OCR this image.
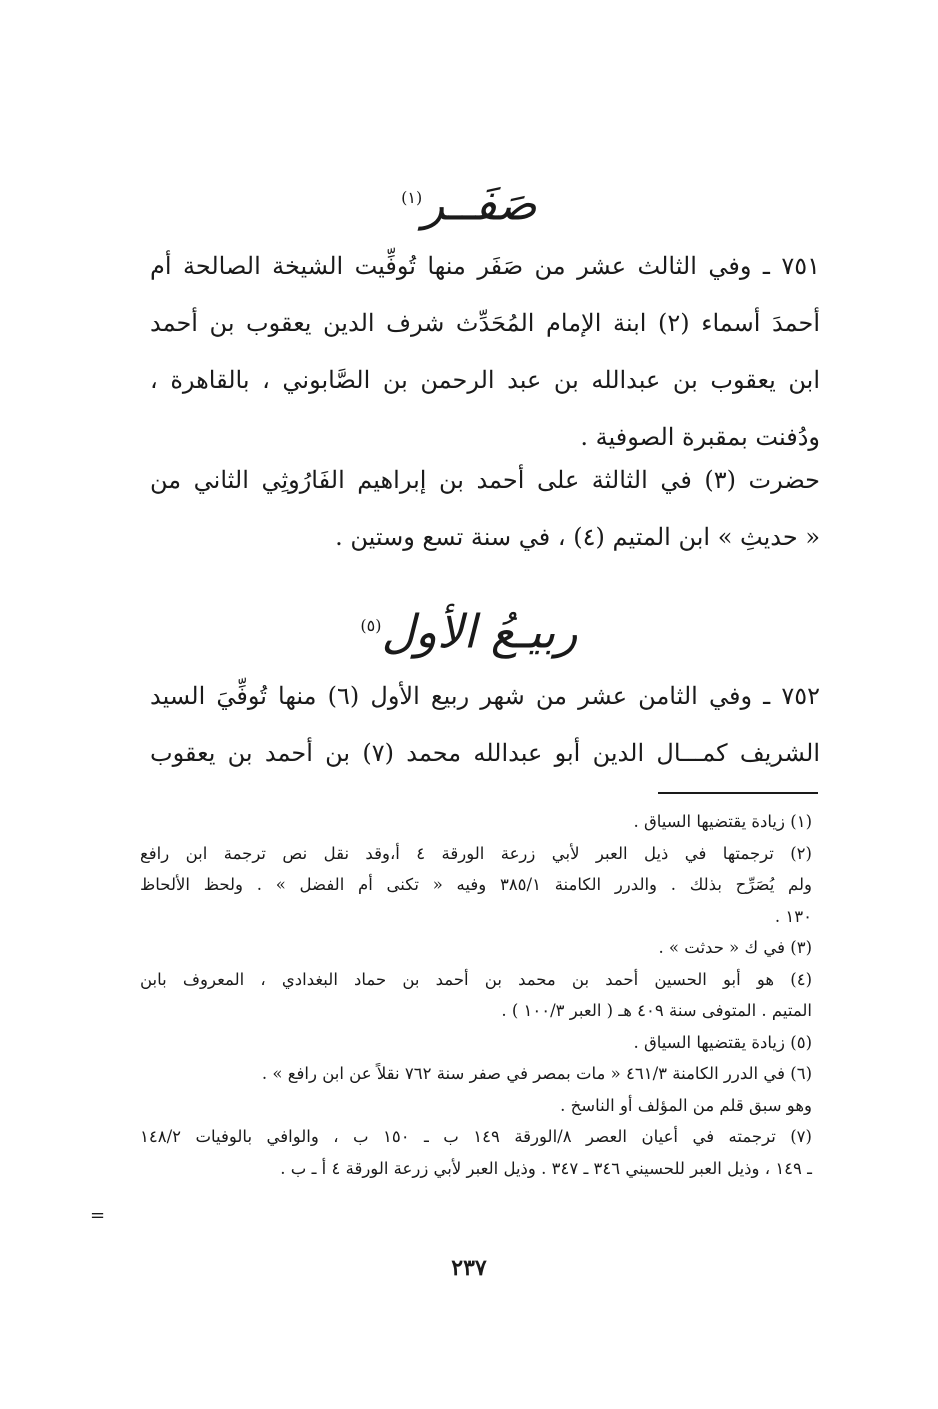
صَفَــر$^{(١)}$
٧٥١ ـ وفي الثالث عشر من صَفَر منها تُوفِّيت الشيخة الصالحة أم
أحمدَ أسماء (٢) ابنة الإمام المُحَدِّث شرف الدين يعقوب بن أحمد
ابن يعقوب بن عبدالله بن عبد الرحمن بن الصَّابوني ، بالقاهرة ،
ودُفنت بمقبرة الصوفية .
حضرت (٣) في الثالثة على أحمد بن إبراهيم الفَارُوثِي الثاني من
« حديثِ » ابن المتيم (٤) ، في سنة تسع وستين .
ربيـعُ الأول$^{(٥)}$
٧٥٢ ـ وفي الثامن عشر من شهر ربيع الأول (٦) منها تُوفِّيَ السيد
الشريف كمـــال الدين أبو عبدالله محمد (٧) بن أحمد بن يعقوب
(١) زيادة يقتضيها السياق .
(٢) ترجمتها في ذيل العبر لأبي زرعة الورقة ٤ أ،وقد نقل نص ترجمة ابن رافع
ولم يُصَرِّح بذلك . والدرر الكامنة ٣٨٥/١ وفيه « تكنى أم الفضل » . ولحظ الألحاظ
١٣٠ .
(٣) في ك « حدثت » .
(٤) هو أبو الحسين أحمد بن محمد بن أحمد بن حماد البغدادي ، المعروف بابن
المتيم . المتوفى سنة ٤٠٩ هـ ( العبر ١٠٠/٣ ) .
(٥) زيادة يقتضيها السياق .
(٦) في الدرر الكامنة ٤٦١/٣ « مات بمصر في صفر سنة ٧٦٢ نقلاً عن ابن رافع » .
وهو سبق قلم من المؤلف أو الناسخ .
(٧) ترجمته في أعيان العصر ٨/الورقة ١٤٩ ب ـ ١٥٠ ب ، والوافي بالوفيات ١٤٨/٢
ـ ١٤٩ ، وذيل العبر للحسيني ٣٤٦ ـ ٣٤٧ . وذيل العبر لأبي زرعة الورقة ٤ أ ـ ب .
=
٢٣٧
